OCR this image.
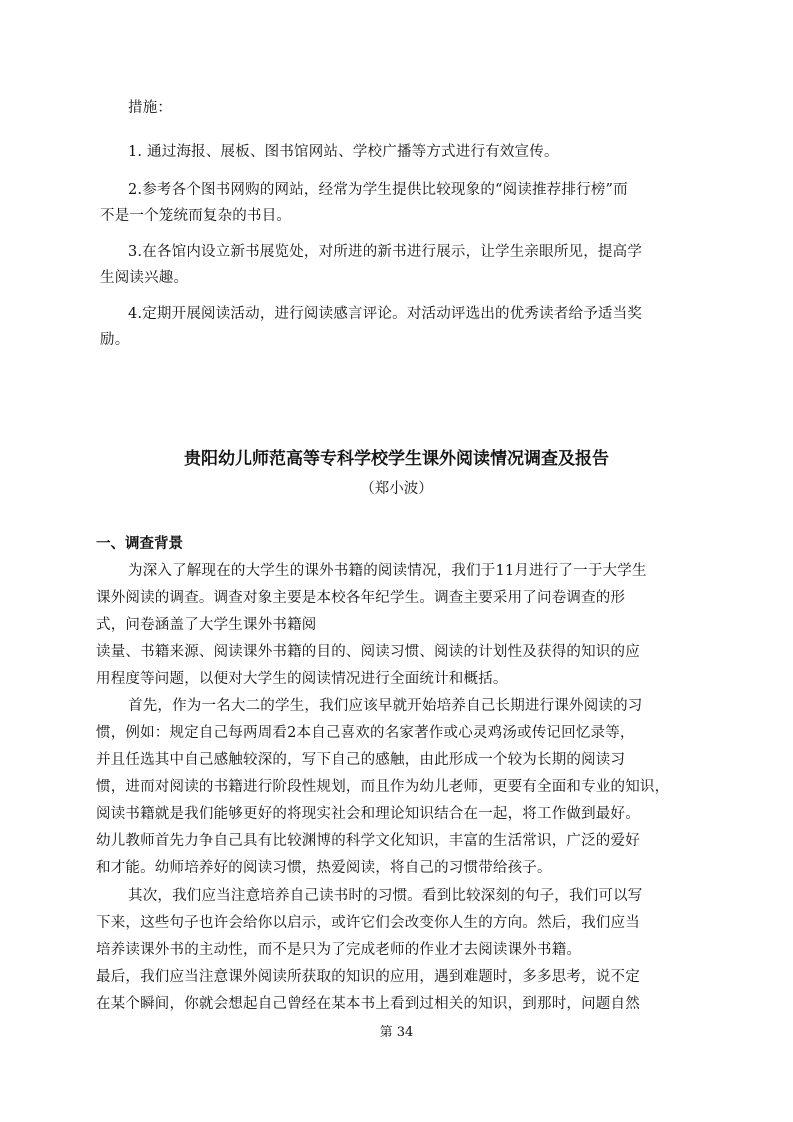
措施：
1. 通过海报、展板、图书馆网站、学校广播等方式进行有效宣传。
2.参考各个图书网购的网站，经常为学生提供比较现象的“阅读推荐排行榜”而
不是一个笼统而复杂的书目。
3.在各馆内设立新书展览处，对所进的新书进行展示，让学生亲眼所见，提高学
生阅读兴趣。
4.定期开展阅读活动，进行阅读感言评论。对活动评选出的优秀读者给予适当奖
励。
贵阳幼儿师范高等专科学校学生课外阅读情况调查及报告
（郑小波）
一、调查背景
为深入了解现在的大学生的课外书籍的阅读情况，我们于11月进行了一于大学生
课外阅读的调查。调查对象主要是本校各年纪学生。调查主要采用了问卷调查的形
式，问卷涵盖了大学生课外书籍阅
读量、书籍来源、阅读课外书籍的目的、阅读习惯、阅读的计划性及获得的知识的应
用程度等问题，以便对大学生的阅读情况进行全面统计和概括。
首先，作为一名大二的学生，我们应该早就开始培养自己长期进行课外阅读的习
惯，例如：规定自己每两周看2本自己喜欢的名家著作或心灵鸡汤或传记回忆录等，
并且任选其中自己感触较深的，写下自己的感触，由此形成一个较为长期的阅读习
惯，进而对阅读的书籍进行阶段性规划，而且作为幼儿老师，更要有全面和专业的知识，
阅读书籍就是我们能够更好的将现实社会和理论知识结合在一起，将工作做到最好。
幼儿教师首先力争自己具有比较渊博的科学文化知识，丰富的生活常识，广泛的爱好
和才能。幼师培养好的阅读习惯，热爱阅读，将自己的习惯带给孩子。
其次，我们应当注意培养自己读书时的习惯。看到比较深刻的句子，我们可以写
下来，这些句子也许会给你以启示，或许它们会改变你人生的方向。然后，我们应当
培养读课外书的主动性，而不是只为了完成老师的作业才去阅读课外书籍。
最后，我们应当注意课外阅读所获取的知识的应用，遇到难题时，多多思考，说不定
在某个瞬间，你就会想起自己曾经在某本书上看到过相关的知识，到那时，问题自然
第 34
